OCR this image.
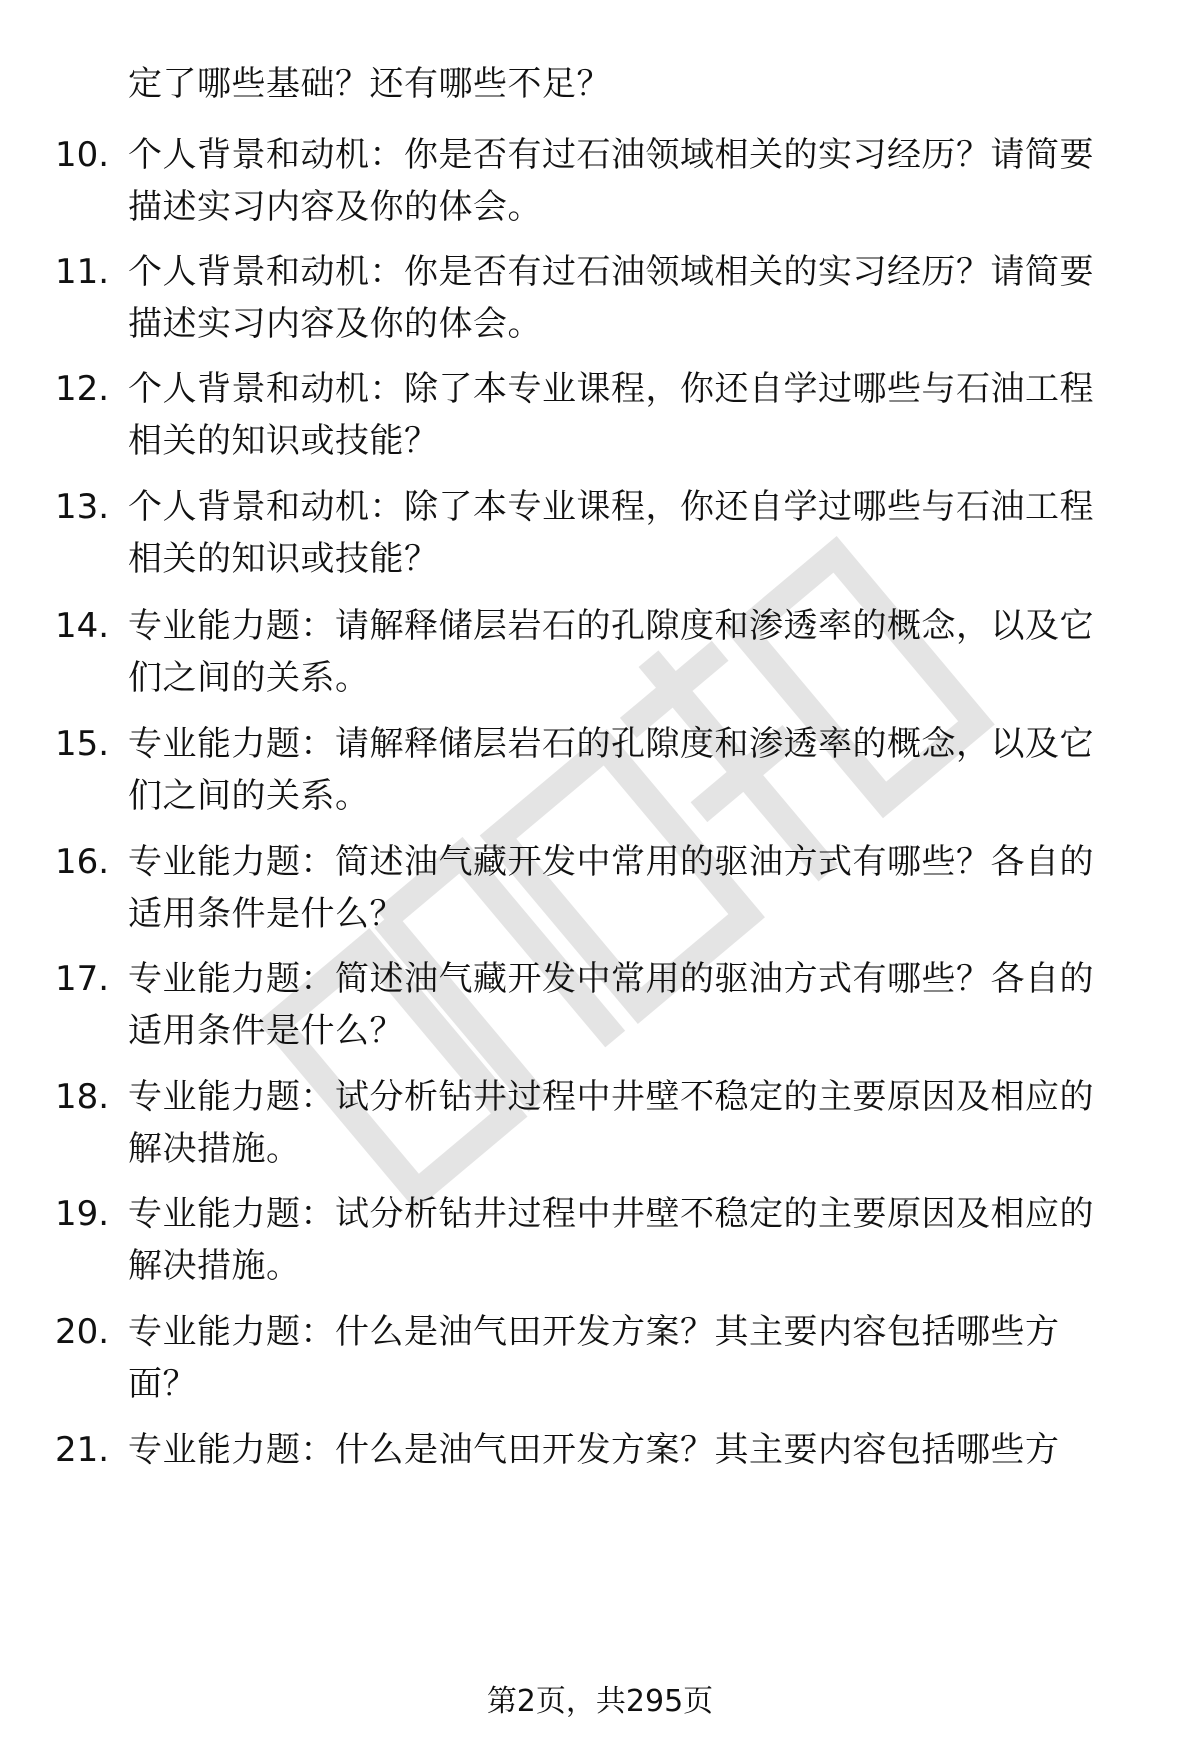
定了哪些基础？还有哪些不足？
10. 个人背景和动机：你是否有过石油领域相关的实习经历？请简要
描述实习内容及你的体会。
11. 个人背景和动机：你是否有过石油领域相关的实习经历？请简要
描述实习内容及你的体会。
12. 个人背景和动机：除了本专业课程，你还自学过哪些与石油工程
相关的知识或技能？
13. 个人背景和动机：除了本专业课程，你还自学过哪些与石油工程
相关的知识或技能？
14. 专业能力题：请解释储层岩石的孔隙度和渗透率的概念，以及它
们之间的关系。
15. 专业能力题：请解释储层岩石的孔隙度和渗透率的概念，以及它
们之间的关系。
16. 专业能力题：简述油气藏开发中常用的驱油方式有哪些？各自的
适用条件是什么？
17. 专业能力题：简述油气藏开发中常用的驱油方式有哪些？各自的
适用条件是什么？
18. 专业能力题：试分析钻井过程中井壁不稳定的主要原因及相应的
解决措施。
19. 专业能力题：试分析钻井过程中井壁不稳定的主要原因及相应的
解决措施。
20. 专业能力题：什么是油气田开发方案？其主要内容包括哪些方
面？
21. 专业能力题：什么是油气田开发方案？其主要内容包括哪些方
第2页，共295页
